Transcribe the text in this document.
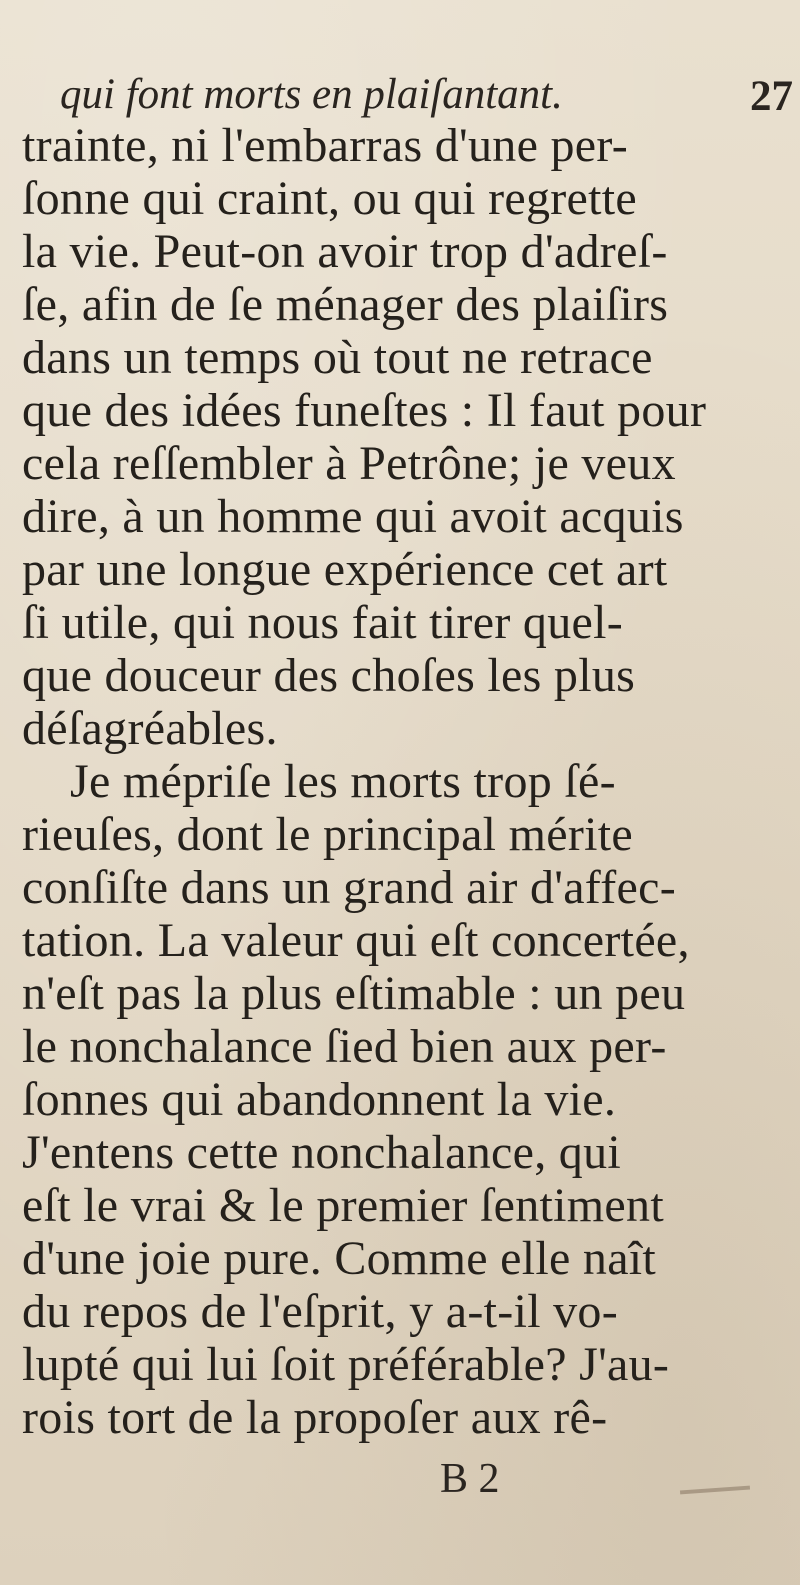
qui font morts en plaiſantant.	27
trainte, ni l'embarras d'une per-
ſonne qui craint, ou qui regrette
la vie. Peut-on avoir trop d'adreſ-
ſe, afin de ſe ménager des plaiſirs
dans un temps où tout ne retrace
que des idées funeſtes : Il faut pour
cela reſſembler à Petrône; je veux
dire, à un homme qui avoit acquis
par une longue expérience cet art
ſi utile, qui nous fait tirer quel-
que douceur des choſes les plus
déſagréables.
Je mépriſe les morts trop ſé-
rieuſes, dont le principal mérite
conſiſte dans un grand air d'affec-
tation. La valeur qui eſt concertée,
n'eſt pas la plus eſtimable : un peu
le nonchalance ſied bien aux per-
ſonnes qui abandonnent la vie.
J'entens cette nonchalance, qui
eſt le vrai & le premier ſentiment
d'une joie pure. Comme elle naît
du repos de l'eſprit, y a-t-il vo-
lupté qui lui ſoit préférable? J'au-
rois tort de la propoſer aux rê-
B 2
